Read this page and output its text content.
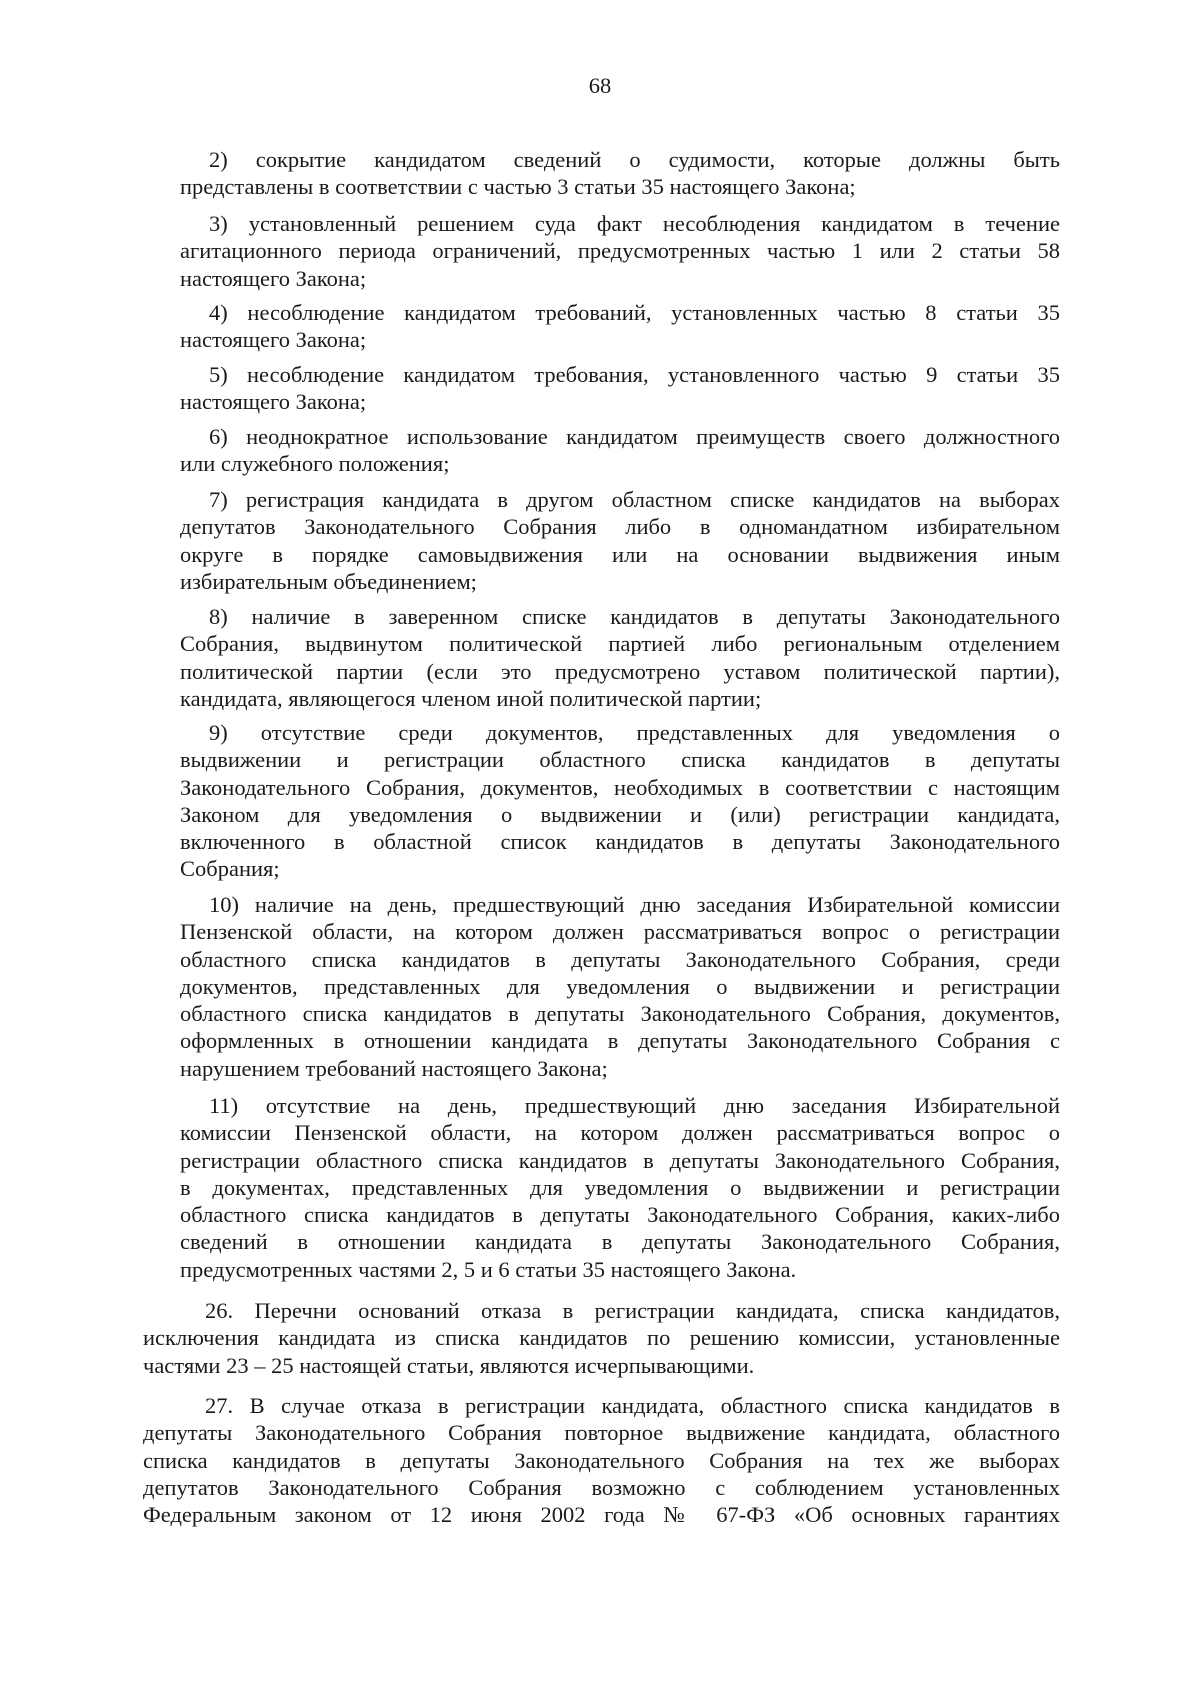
68
2) сокрытие кандидатом сведений о судимости, которые должны быть
представлены в соответствии с частью 3 статьи 35 настоящего Закона;
3) установленный решением суда факт несоблюдения кандидатом в течение
агитационного периода ограничений, предусмотренных частью 1 или 2 статьи 58
настоящего Закона;
4) несоблюдение кандидатом требований, установленных частью 8 статьи 35
настоящего Закона;
5) несоблюдение кандидатом требования, установленного частью 9 статьи 35
настоящего Закона;
6) неоднократное использование кандидатом преимуществ своего должностного
или служебного положения;
7) регистрация кандидата в другом областном списке кандидатов на выборах
депутатов Законодательного Собрания либо в одномандатном избирательном
округе в порядке самовыдвижения или на основании выдвижения иным
избирательным объединением;
8) наличие в заверенном списке кандидатов в депутаты Законодательного
Собрания, выдвинутом политической партией либо региональным отделением
политической партии (если это предусмотрено уставом политической партии),
кандидата, являющегося членом иной политической партии;
9) отсутствие среди документов, представленных для уведомления о
выдвижении и регистрации областного списка кандидатов в депутаты
Законодательного Собрания, документов, необходимых в соответствии с настоящим
Законом для уведомления о выдвижении и (или) регистрации кандидата,
включенного в областной список кандидатов в депутаты Законодательного
Собрания;
10) наличие на день, предшествующий дню заседания Избирательной комиссии
Пензенской области, на котором должен рассматриваться вопрос о регистрации
областного списка кандидатов в депутаты Законодательного Собрания, среди
документов, представленных для уведомления о выдвижении и регистрации
областного списка кандидатов в депутаты Законодательного Собрания, документов,
оформленных в отношении кандидата в депутаты Законодательного Собрания с
нарушением требований настоящего Закона;
11) отсутствие на день, предшествующий дню заседания Избирательной
комиссии Пензенской области, на котором должен рассматриваться вопрос о
регистрации областного списка кандидатов в депутаты Законодательного Собрания,
в документах, представленных для уведомления о выдвижении и регистрации
областного списка кандидатов в депутаты Законодательного Собрания, каких-либо
сведений в отношении кандидата в депутаты Законодательного Собрания,
предусмотренных частями 2, 5 и 6 статьи 35 настоящего Закона.
26. Перечни оснований отказа в регистрации кандидата, списка кандидатов,
исключения кандидата из списка кандидатов по решению комиссии, установленные
частями 23 – 25 настоящей статьи, являются исчерпывающими.
27. В случае отказа в регистрации кандидата, областного списка кандидатов в
депутаты Законодательного Собрания повторное выдвижение кандидата, областного
списка кандидатов в депутаты Законодательного Собрания на тех же выборах
депутатов Законодательного Собрания возможно с соблюдением установленных
Федеральным законом от 12 июня 2002 года № 67-ФЗ «Об основных гарантиях
